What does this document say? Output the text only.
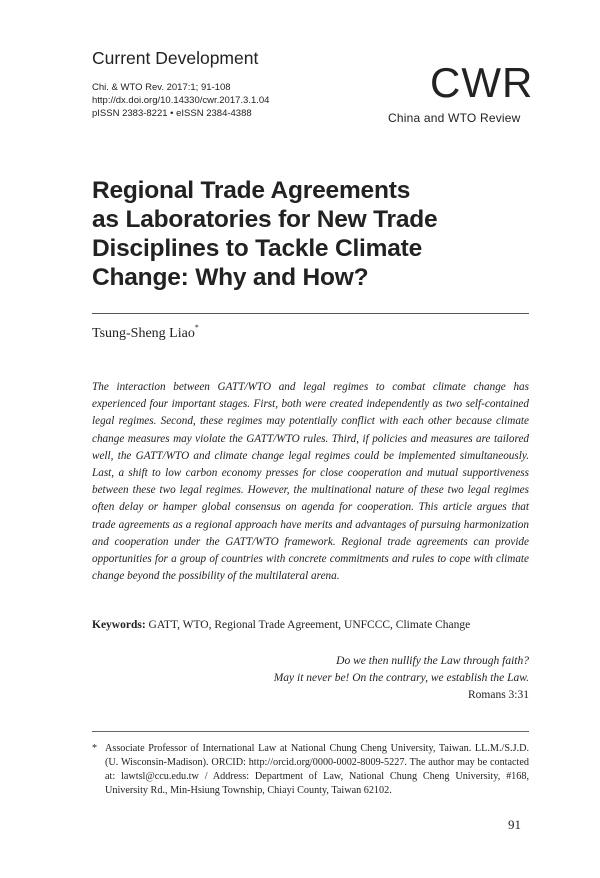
Current Development
Chi. & WTO Rev. 2017:1; 91-108
http://dx.doi.org/10.14330/cwr.2017.3.1.04
pISSN 2383-8221 • eISSN 2384-4388
CWR
China and WTO Review
Regional Trade Agreements
as Laboratories for New Trade
Disciplines to Tackle Climate
Change: Why and How?
Tsung-Sheng Liao*
The interaction between GATT/WTO and legal regimes to combat climate change has experienced four important stages. First, both were created independently as two self-contained legal regimes. Second, these regimes may potentially conflict with each other because climate change measures may violate the GATT/WTO rules. Third, if policies and measures are tailored well, the GATT/WTO and climate change legal regimes could be implemented simultaneously. Last, a shift to low carbon economy presses for close cooperation and mutual supportiveness between these two legal regimes. However, the multinational nature of these two legal regimes often delay or hamper global consensus on agenda for cooperation. This article argues that trade agreements as a regional approach have merits and advantages of pursuing harmonization and cooperation under the GATT/WTO framework. Regional trade agreements can provide opportunities for a group of countries with concrete commitments and rules to cope with climate change beyond the possibility of the multilateral arena.
Keywords: GATT, WTO, Regional Trade Agreement, UNFCCC, Climate Change
Do we then nullify the Law through faith?
May it never be! On the contrary, we establish the Law.
Romans 3:31
* Associate Professor of International Law at National Chung Cheng University, Taiwan. LL.M./S.J.D. (U. Wisconsin-Madison). ORCID: http://orcid.org/0000-0002-8009-5227. The author may be contacted at: lawtsl@ccu.edu.tw / Address: Department of Law, National Chung Cheng University, #168, University Rd., Min-Hsiung Township, Chiayi County, Taiwan 62102.
91
